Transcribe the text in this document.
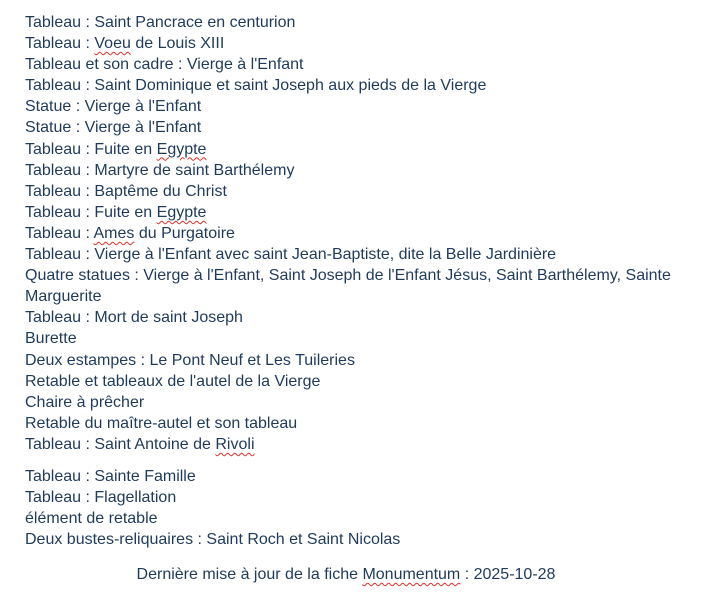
Tableau : Saint Pancrace en centurion
Tableau : Voeu de Louis XIII
Tableau et son cadre : Vierge à l'Enfant
Tableau : Saint Dominique et saint Joseph aux pieds de la Vierge
Statue : Vierge à l'Enfant
Statue : Vierge à l'Enfant
Tableau : Fuite en Egypte
Tableau : Martyre de saint Barthélemy
Tableau : Baptême du Christ
Tableau : Fuite en Egypte
Tableau : Ames du Purgatoire
Tableau : Vierge à l'Enfant avec saint Jean-Baptiste, dite la Belle Jardinière
Quatre statues : Vierge à l'Enfant, Saint Joseph de l'Enfant Jésus, Saint Barthélemy, Sainte Marguerite
Tableau : Mort de saint Joseph
Burette
Deux estampes : Le Pont Neuf et Les Tuileries
Retable et tableaux de l'autel de la Vierge
Chaire à prêcher
Retable du maître-autel et son tableau
Tableau : Saint Antoine de Rivoli
Tableau : Sainte Famille
Tableau : Flagellation
élément de retable
Deux bustes-reliquaires : Saint Roch et Saint Nicolas
Dernière mise à jour de la fiche Monumentum : 2025-10-28
